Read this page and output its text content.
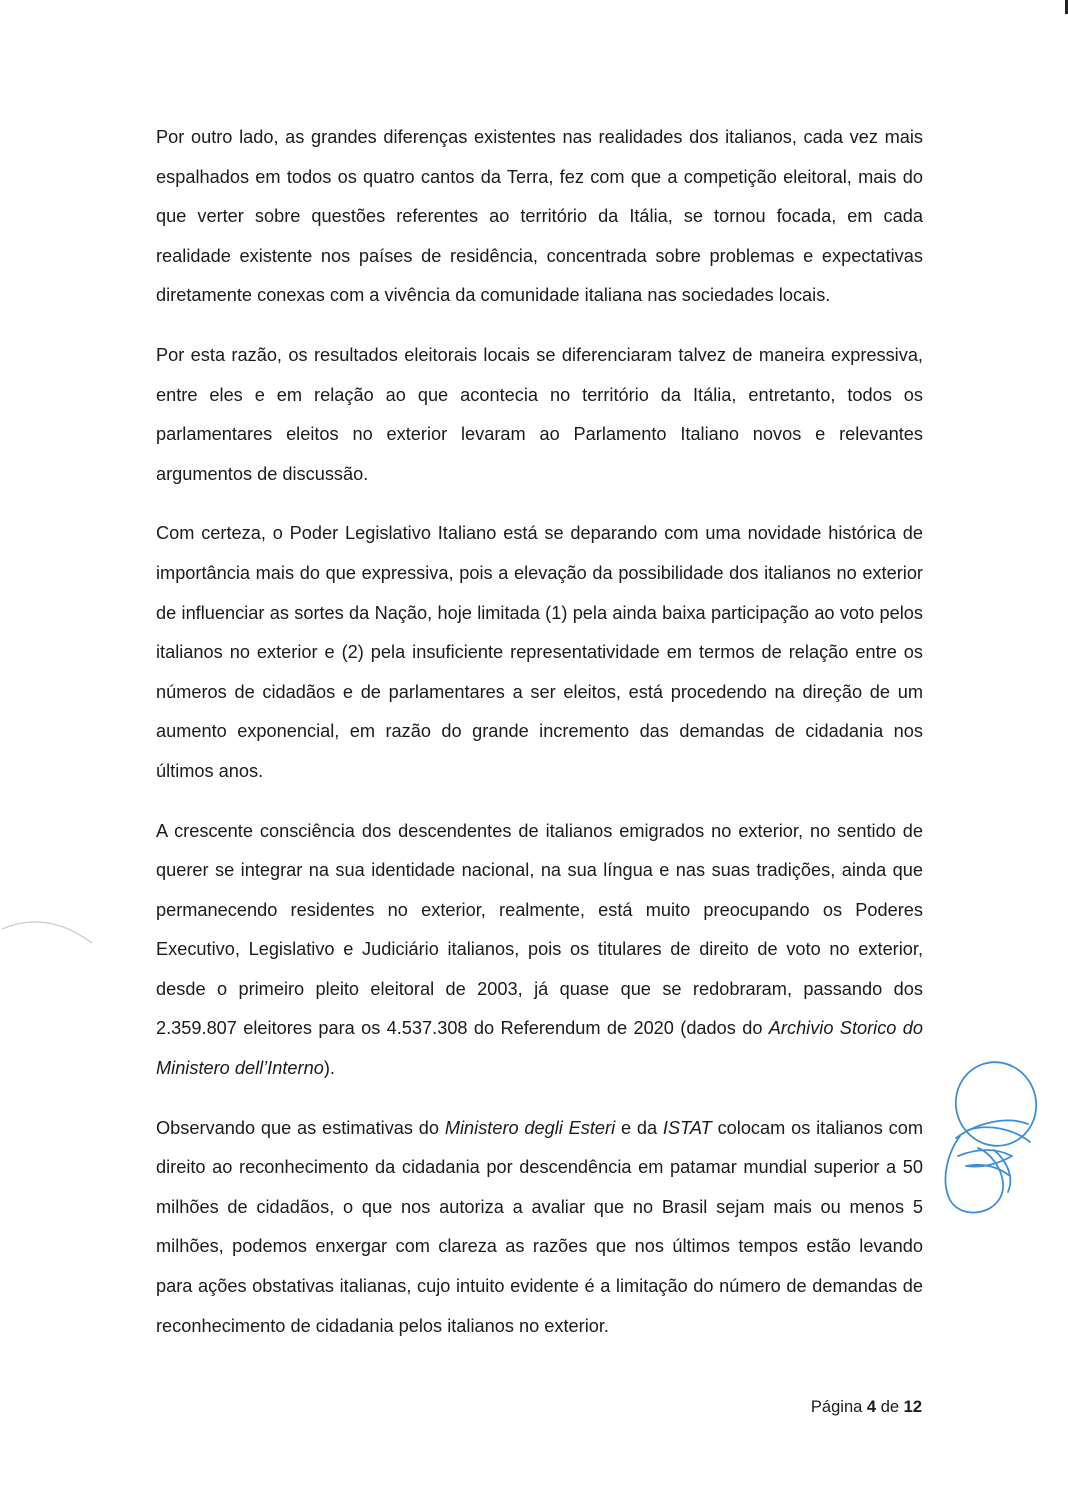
Por outro lado, as grandes diferenças existentes nas realidades dos italianos, cada vez mais espalhados em todos os quatro cantos da Terra, fez com que a competição eleitoral, mais do que verter sobre questões referentes ao território da Itália, se tornou focada, em cada realidade existente nos países de residência, concentrada sobre problemas e expectativas diretamente conexas com a vivência da comunidade italiana nas sociedades locais.

Por esta razão, os resultados eleitorais locais se diferenciaram talvez de maneira expressiva, entre eles e em relação ao que acontecia no território da Itália, entretanto, todos os parlamentares eleitos no exterior levaram ao Parlamento Italiano novos e relevantes argumentos de discussão.

Com certeza, o Poder Legislativo Italiano está se deparando com uma novidade histórica de importância mais do que expressiva, pois a elevação da possibilidade dos italianos no exterior de influenciar as sortes da Nação, hoje limitada (1) pela ainda baixa participação ao voto pelos italianos no exterior e (2) pela insuficiente representatividade em termos de relação entre os números de cidadãos e de parlamentares a ser eleitos, está procedendo na direção de um aumento exponencial, em razão do grande incremento das demandas de cidadania nos últimos anos.

A crescente consciência dos descendentes de italianos emigrados no exterior, no sentido de querer se integrar na sua identidade nacional, na sua língua e nas suas tradições, ainda que permanecendo residentes no exterior, realmente, está muito preocupando os Poderes Executivo, Legislativo e Judiciário italianos, pois os titulares de direito de voto no exterior, desde o primeiro pleito eleitoral de 2003, já quase que se redobraram, passando dos 2.359.807 eleitores para os 4.537.308 do Referendum de 2020 (dados do Archivio Storico do Ministero dell’Interno).

Observando que as estimativas do Ministero degli Esteri e da ISTAT colocam os italianos com direito ao reconhecimento da cidadania por descendência em patamar mundial superior a 50 milhões de cidadãos, o que nos autoriza a avaliar que no Brasil sejam mais ou menos 5 milhões, podemos enxergar com clareza as razões que nos últimos tempos estão levando para ações obstativas italianas, cujo intuito evidente é a limitação do número de demandas de reconhecimento de cidadania pelos italianos no exterior.

Página 4 de 12
